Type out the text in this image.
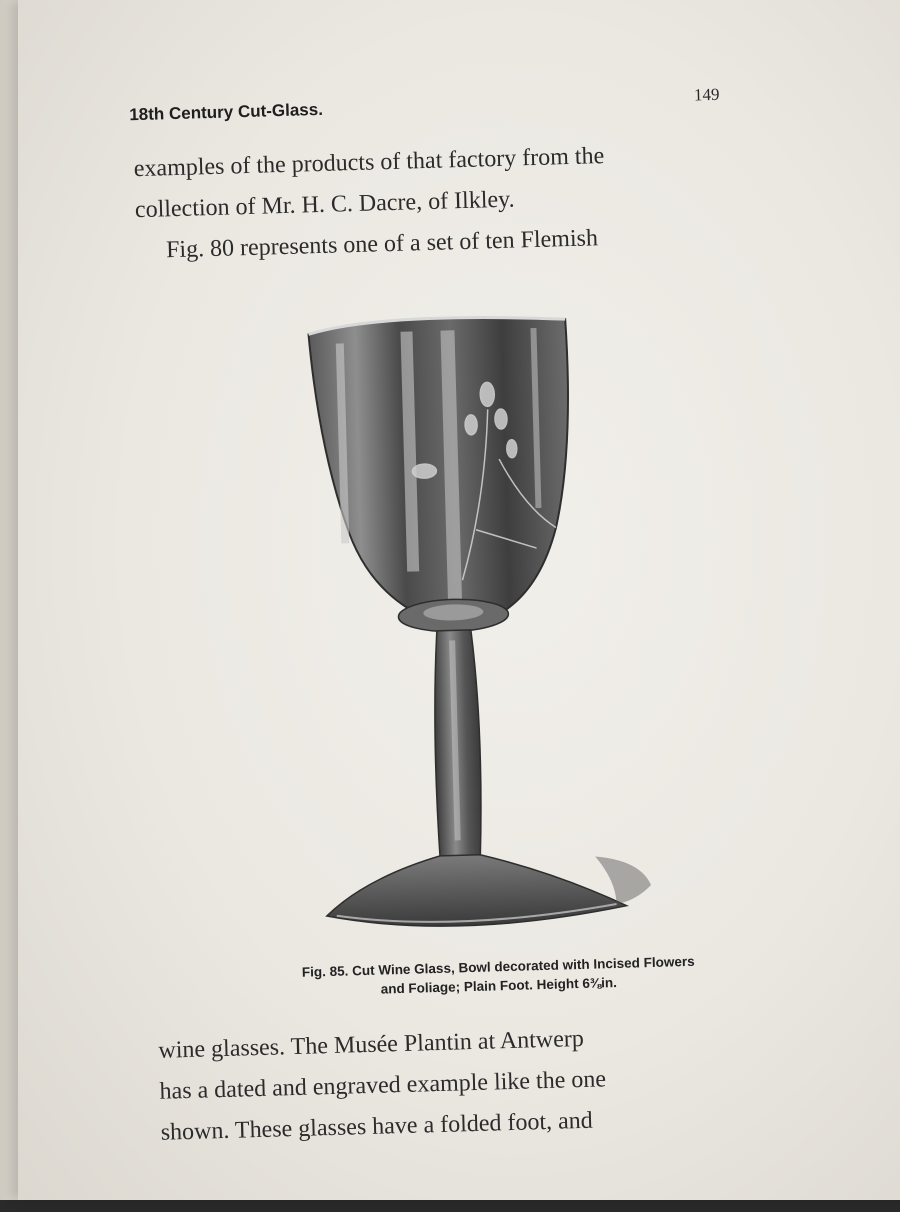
18th Century Cut-Glass.
149

examples of the products of that factory from the

collection of Mr. H. C. Dacre, of Ilkley.

Fig. 80 represents one of a set of ten Flemish

Fig. 85. Cut Wine Glass, Bowl decorated with Incised Flowers
and Foliage; Plain Foot. Height 6⅜in.

wine glasses. The Musée Plantin at Antwerp

has a dated and engraved example like the one

shown. These glasses have a folded foot, and
